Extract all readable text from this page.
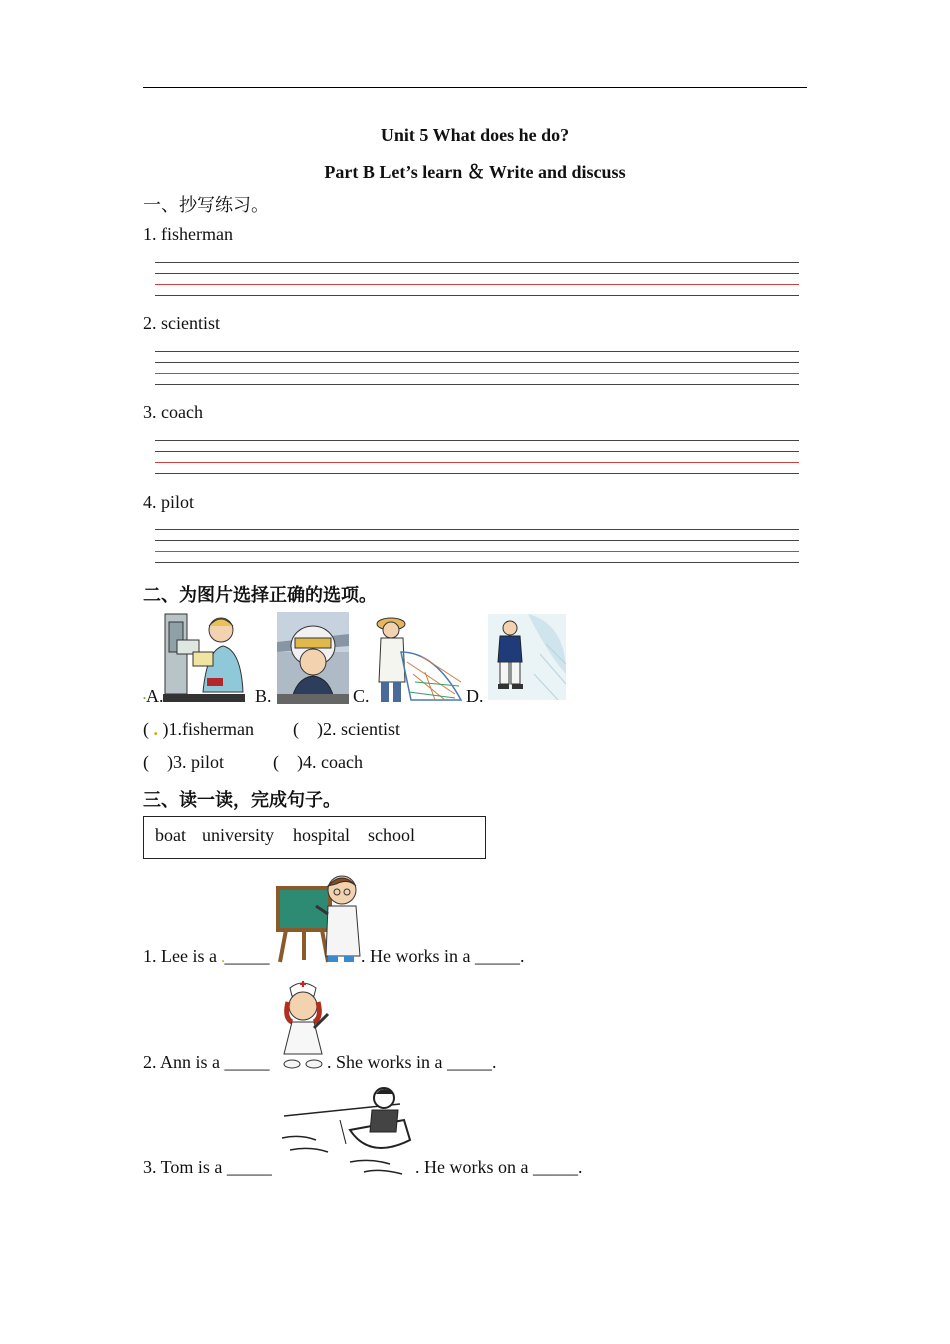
Unit 5 What does he do?
Part B Let’s learn ＆ Write and discuss
一、抄写练习。
1. fisherman
2. scientist
3. coach
4. pilot
二、为图片选择正确的选项。
. A.	B.	C.	D.
( . )1.fisherman ( )2. scientist
( )3. pilot	( )4. coach
三、读一读，完成句子。
boat university hospital school
1. Lee is a ._____	. He works in a _____.
2. Ann is a _____	. She works in a _____.
3. Tom is a _____	. He works on a _____.
